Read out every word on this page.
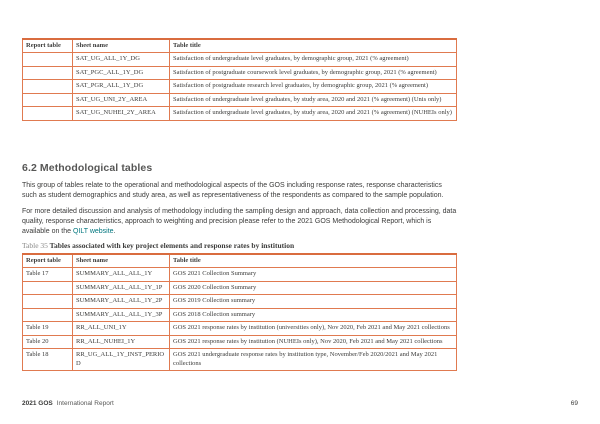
Report table	Sheet name	Table title
	SAT_UG_ALL_1Y_DG	Satisfaction of undergraduate level graduates, by demographic group, 2021 (% agreement)
	SAT_PGC_ALL_1Y_DG	Satisfaction of postgraduate coursework level graduates, by demographic group, 2021 (% agreement)
	SAT_PGR_ALL_1Y_DG	Satisfaction of postgraduate research level graduates, by demographic group, 2021 (% agreement)
	SAT_UG_UNI_2Y_AREA	Satisfaction of undergraduate level graduates, by study area, 2020 and 2021 (% agreement) (Unis only)
	SAT_UG_NUHEI_2Y_AREA	Satisfaction of undergraduate level graduates, by study area, 2020 and 2021 (% agreement) (NUHEIs only)
6.2 Methodological tables

This group of tables relate to the operational and methodological aspects of the GOS including response rates, response characteristics such as student demographics and study area, as well as representativeness of the respondents as compared to the sample population.

For more detailed discussion and analysis of methodology including the sampling design and approach, data collection and processing, data quality, response characteristics, approach to weighting and precision please refer to the 2021 GOS Methodological Report, which is available on the QILT website.

Table 35 Tables associated with key project elements and response rates by institution
Report table	Sheet name	Table title
Table 17	SUMMARY_ALL_ALL_1Y	GOS 2021 Collection Summary
	SUMMARY_ALL_ALL_1Y_1P	GOS 2020 Collection Summary
	SUMMARY_ALL_ALL_1Y_2P	GOS 2019 Collection summary
	SUMMARY_ALL_ALL_1Y_3P	GOS 2018 Collection summary
Table 19	RR_ALL_UNI_1Y	GOS 2021 response rates by institution (universities only), Nov 2020, Feb 2021 and May 2021 collections
Table 20	RR_ALL_NUHEI_1Y	GOS 2021 response rates by institution (NUHEIs only), Nov 2020, Feb 2021 and May 2021 collections
Table 18	RR_UG_ALL_1Y_INST_PERIOD	GOS 2021 undergraduate response rates by institution type, November/Feb 2020/2021 and May 2021 collections
2021 GOS International Report	69
